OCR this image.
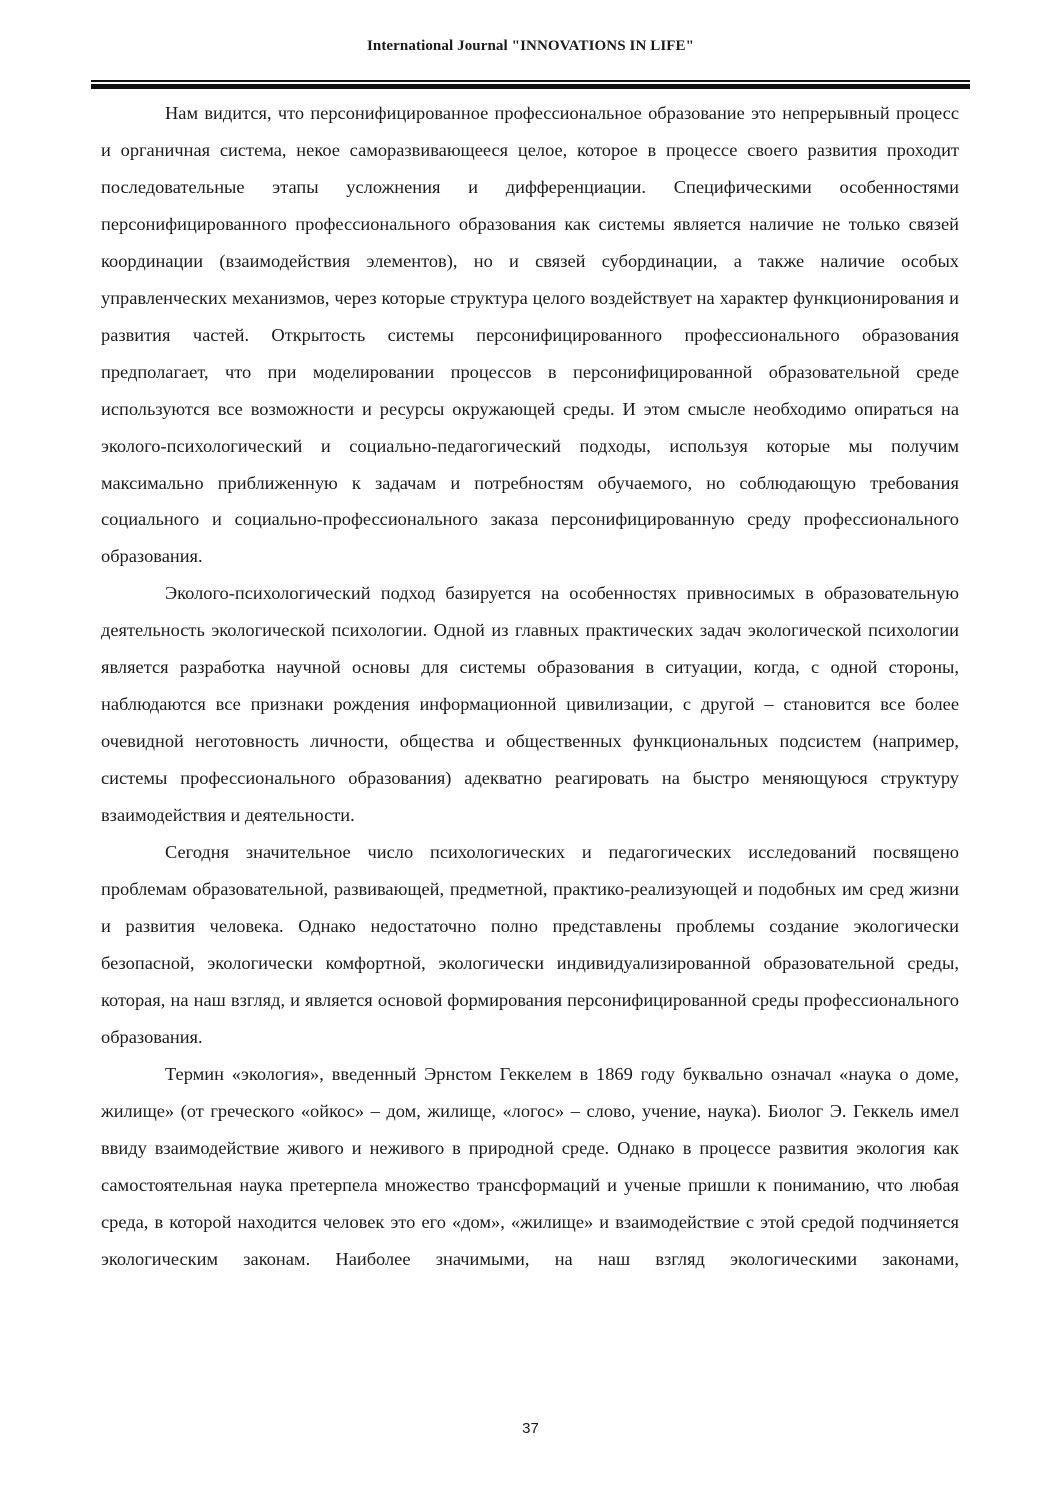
International Journal "INNOVATIONS IN LIFE"

Нам видится, что персонифицированное профессиональное образование это непрерывный процесс и органичная система, некое саморазвивающееся целое, которое в процессе своего развития проходит последовательные этапы усложнения и дифференциации. Специфическими особенностями персонифицированного профессионального образования как системы является наличие не только связей координации (взаимодействия элементов), но и связей субординации, а также наличие особых управленческих механизмов, через которые структура целого воздействует на характер функционирования и развития частей. Открытость системы персонифицированного профессионального образования предполагает, что при моделировании процессов в персонифицированной образовательной среде используются все возможности и ресурсы окружающей среды. И этом смысле необходимо опираться на эколого-психологический и социально-педагогический подходы, используя которые мы получим максимально приближенную к задачам и потребностям обучаемого, но соблюдающую требования социального и социально-профессионального заказа персонифицированную среду профессионального образования.

Эколого-психологический подход базируется на особенностях привносимых в образовательную деятельность экологической психологии. Одной из главных практических задач экологической психологии является разработка научной основы для системы образования в ситуации, когда, с одной стороны, наблюдаются все признаки рождения информационной цивилизации, с другой – становится все более очевидной неготовность личности, общества и общественных функциональных подсистем (например, системы профессионального образования) адекватно реагировать на быстро меняющуюся структуру взаимодействия и деятельности.

Сегодня значительное число психологических и педагогических исследований посвящено проблемам образовательной, развивающей, предметной, практико-реализующей и подобных им сред жизни и развития человека. Однако недостаточно полно представлены проблемы создание экологически безопасной, экологически комфортной, экологически индивидуализированной образовательной среды, которая, на наш взгляд, и является основой формирования персонифицированной среды профессионального образования.

Термин «экология», введенный Эрнстом Геккелем в 1869 году буквально означал «наука о доме, жилище» (от греческого «ойкос» – дом, жилище, «логос» – слово, учение, наука). Биолог Э. Геккель имел ввиду взаимодействие живого и неживого в природной среде. Однако в процессе развития экология как самостоятельная наука претерпела множество трансформаций и ученые пришли к пониманию, что любая среда, в которой находится человек это его «дом», «жилище» и взаимодействие с этой средой подчиняется экологическим законам. Наиболее значимыми, на наш взгляд экологическими законами,

37
